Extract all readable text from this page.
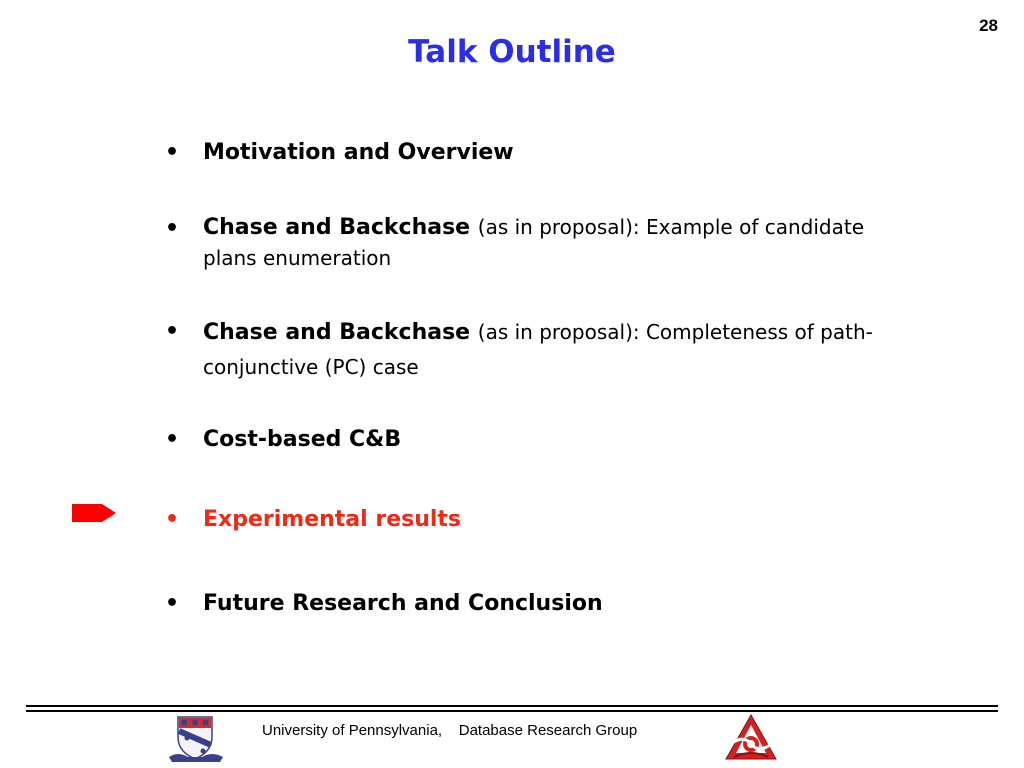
28
Talk Outline
• Motivation and Overview
• Chase and Backchase (as in proposal): Example of candidate plans enumeration
• Chase and Backchase (as in proposal): Completeness of path-conjunctive (PC) case
• Cost-based C&B
• Experimental results
• Future Research and Conclusion
University of Pennsylvania,    Database Research Group
